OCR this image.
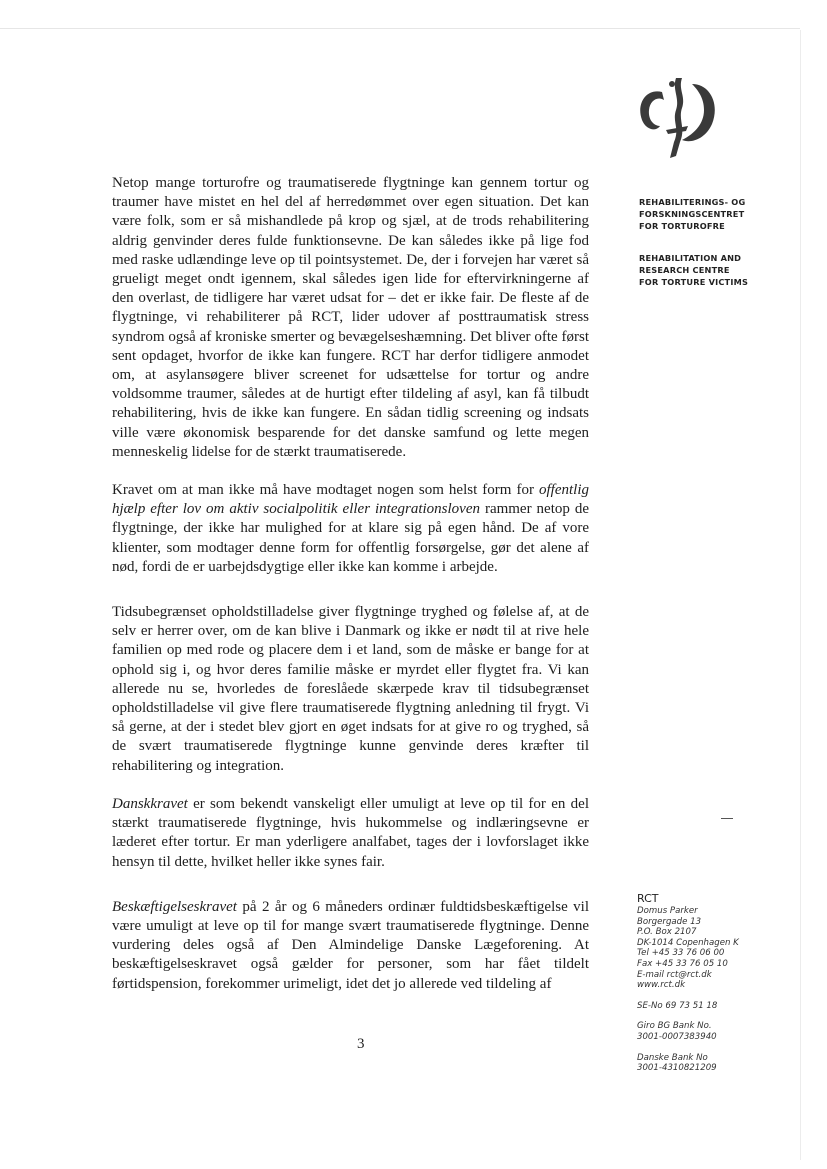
REHABILITERINGS- OG
FORSKNINGSCENTRET
FOR TORTUROFRE
REHABILITATION AND
RESEARCH CENTRE
FOR TORTURE VICTIMS

Netop mange torturofre og traumatiserede flygtninge kan gennem tortur og traumer have mistet en hel del af herredømmet over egen situation. Det kan være folk, som er så mishandlede på krop og sjæl, at de trods rehabilitering aldrig genvinder deres fulde funktionsevne. De kan således ikke på lige fod med raske udlændinge leve op til pointsystemet. De, der i forvejen har været så grueligt meget ondt igennem, skal således igen lide for eftervirkningerne af den overlast, de tidligere har været udsat for – det er ikke fair. De fleste af de flygtninge, vi rehabiliterer på RCT, lider udover af posttraumatisk stress syndrom også af kroniske smerter og bevægelseshæmning. Det bliver ofte først sent opdaget, hvorfor de ikke kan fungere. RCT har derfor tidligere anmodet om, at asylansøgere bliver screenet for udsættelse for tortur og andre voldsomme traumer, således at de hurtigt efter tildeling af asyl, kan få tilbudt rehabilitering, hvis de ikke kan fungere. En sådan tidlig screening og indsats ville være økonomisk besparende for det danske samfund og lette megen menneskelig lidelse for de stærkt traumatiserede.

Kravet om at man ikke må have modtaget nogen som helst form for offentlig hjælp efter lov om aktiv socialpolitik eller integrationsloven rammer netop de flygtninge, der ikke har mulighed for at klare sig på egen hånd. De af vore klienter, som modtager denne form for offentlig forsørgelse, gør det alene af nød, fordi de er uarbejdsdygtige eller ikke kan komme i arbejde.

Tidsubegrænset opholdstilladelse giver flygtninge tryghed og følelse af, at de selv er herrer over, om de kan blive i Danmark og ikke er nødt til at rive hele familien op med rode og placere dem i et land, som de måske er bange for at ophold sig i, og hvor deres familie måske er myrdet eller flygtet fra. Vi kan allerede nu se, hvorledes de foreslåede skærpede krav til tidsubegrænset opholdstilladelse vil give flere traumatiserede flygtning anledning til frygt. Vi så gerne, at der i stedet blev gjort en øget indsats for at give ro og tryghed, så de svært traumatiserede flygtninge kunne genvinde deres kræfter til rehabilitering og integration.

Danskkravet er som bekendt vanskeligt eller umuligt at leve op til for en del stærkt traumatiserede flygtninge, hvis hukommelse og indlæringsevne er læderet efter tortur. Er man yderligere analfabet, tages der i lovforslaget ikke hensyn til dette, hvilket heller ikke synes fair.

Beskæftigelseskravet på 2 år og 6 måneders ordinær fuldtidsbeskæftigelse vil være umuligt at leve op til for mange svært traumatiserede flygtninge. Denne vurdering deles også af Den Almindelige Danske Lægeforening. At beskæftigelseskravet også gælder for personer, som har fået tildelt førtidspension, forekommer urimeligt, idet det jo allerede ved tildeling af

3
RCT
Domus Parker
Borgergade 13
P.O. Box 2107
DK-1014 Copenhagen K
Tel +45 33 76 06 00
Fax +45 33 76 05 10
E-mail rct@rct.dk
www.rct.dk
SE-No 69 73 51 18
Giro BG Bank No.
3001-0007383940
Danske Bank No
3001-4310821209
